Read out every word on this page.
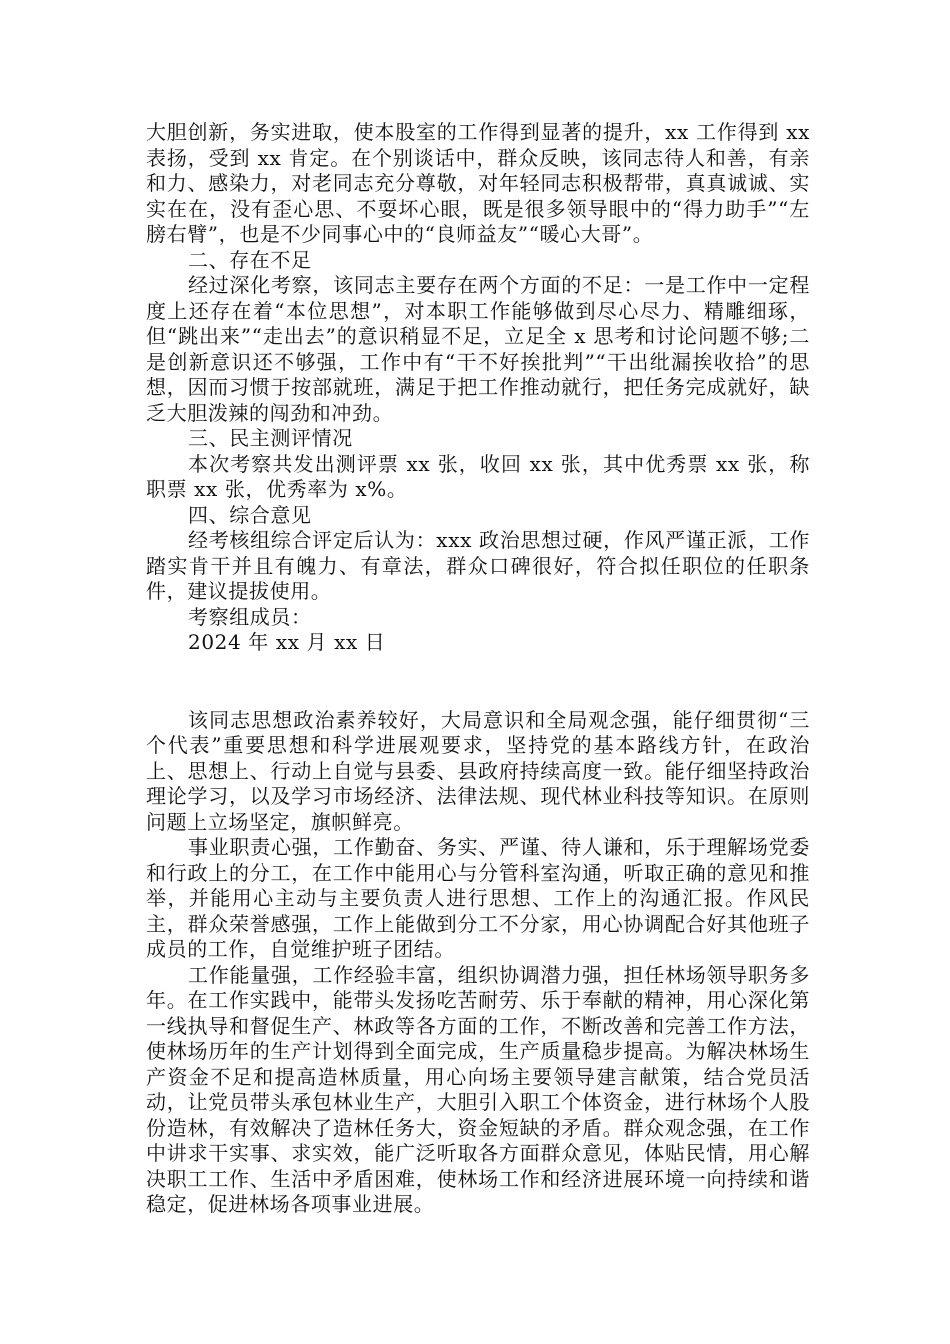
大胆创新，务实进取，使本股室的工作得到显著的提升，xx 工作得到 xx 表扬，受到 xx 肯定。在个别谈话中，群众反映，该同志待人和善，有亲和力、感染力，对老同志充分尊敬，对年轻同志积极帮带，真真诚诚、实实在在，没有歪心思、不耍坏心眼，既是很多领导眼中的“得力助手”“左膀右臂”，也是不少同事心中的“良师益友”“暖心大哥”。

二、存在不足

经过深化考察，该同志主要存在两个方面的不足：一是工作中一定程度上还存在着“本位思想”，对本职工作能够做到尽心尽力、精雕细琢，但“跳出来”“走出去”的意识稍显不足，立足全 x 思考和讨论问题不够;二是创新意识还不够强，工作中有“干不好挨批判”“干出纰漏挨收拾”的思想，因而习惯于按部就班，满足于把工作推动就行，把任务完成就好，缺乏大胆泼辣的闯劲和冲劲。

三、民主测评情况

本次考察共发出测评票 xx 张，收回 xx 张，其中优秀票 xx 张，称职票 xx 张，优秀率为 x%。

四、综合意见

经考核组综合评定后认为：xxx 政治思想过硬，作风严谨正派，工作踏实肯干并且有魄力、有章法，群众口碑很好，符合拟任职位的任职条件，建议提拔使用。

考察组成员：

2024 年 xx 月 xx 日

该同志思想政治素养较好，大局意识和全局观念强，能仔细贯彻“三个代表”重要思想和科学进展观要求，坚持党的基本路线方针，在政治上、思想上、行动上自觉与县委、县政府持续高度一致。能仔细坚持政治理论学习，以及学习市场经济、法律法规、现代林业科技等知识。在原则问题上立场坚定，旗帜鲜亮。

事业职责心强，工作勤奋、务实、严谨、待人谦和，乐于理解场党委和行政上的分工，在工作中能用心与分管科室沟通，听取正确的意见和推举，并能用心主动与主要负责人进行思想、工作上的沟通汇报。作风民主，群众荣誉感强，工作上能做到分工不分家，用心协调配合好其他班子成员的工作，自觉维护班子团结。

工作能量强，工作经验丰富，组织协调潜力强，担任林场领导职务多年。在工作实践中，能带头发扬吃苦耐劳、乐于奉献的精神，用心深化第一线执导和督促生产、林政等各方面的工作，不断改善和完善工作方法，使林场历年的生产计划得到全面完成，生产质量稳步提高。为解决林场生产资金不足和提高造林质量，用心向场主要领导建言献策，结合党员活动，让党员带头承包林业生产，大胆引入职工个体资金，进行林场个人股份造林，有效解决了造林任务大，资金短缺的矛盾。群众观念强，在工作中讲求干实事、求实效，能广泛听取各方面群众意见，体贴民情，用心解决职工工作、生活中矛盾困难，使林场工作和经济进展环境一向持续和谐稳定，促进林场各项事业进展。
